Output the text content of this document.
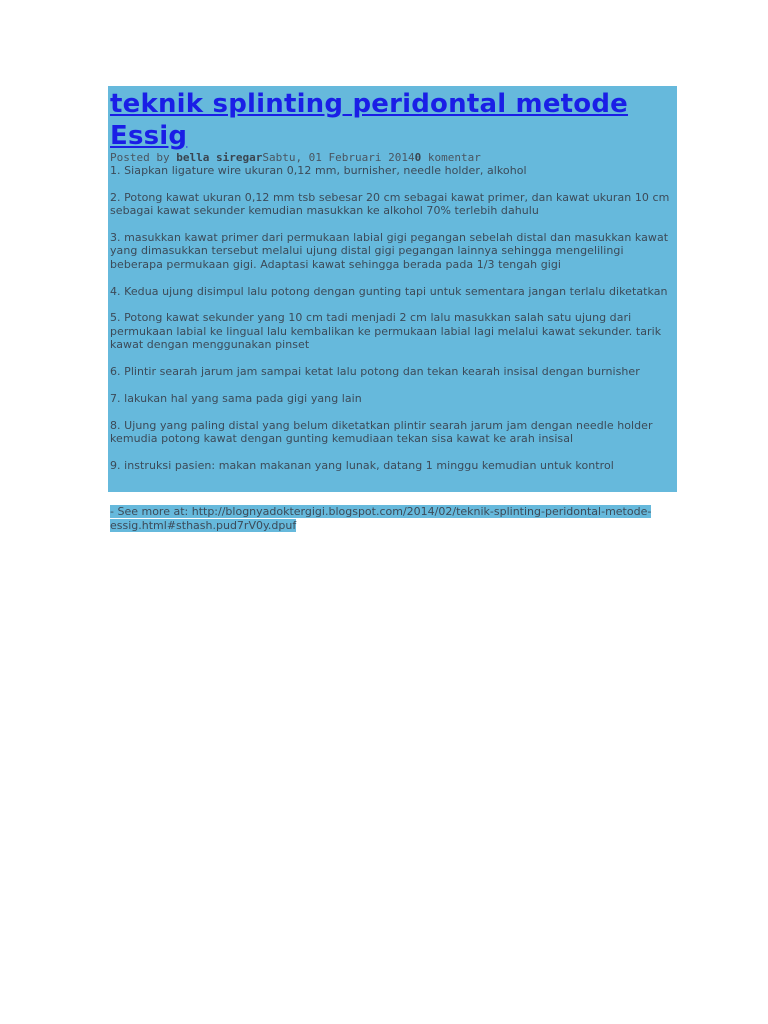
teknik splinting peridontal metode Essig
Posted by bella siregarSabtu, 01 Februari 20140 komentar

1. Siapkan ligature wire ukuran 0,12 mm, burnisher, needle holder, alkohol

2. Potong kawat ukuran 0,12 mm tsb sebesar 20 cm sebagai kawat primer, dan kawat ukuran 10 cm sebagai kawat sekunder kemudian masukkan ke alkohol 70% terlebih dahulu

3. masukkan kawat primer dari permukaan labial gigi pegangan sebelah distal dan masukkan kawat yang dimasukkan tersebut melalui ujung distal gigi pegangan lainnya sehingga mengelilingi beberapa permukaan gigi. Adaptasi kawat sehingga berada pada 1/3 tengah gigi

4. Kedua ujung disimpul lalu potong dengan gunting tapi untuk sementara jangan terlalu diketatkan

5. Potong kawat sekunder yang 10 cm tadi menjadi 2 cm lalu masukkan salah satu ujung dari permukaan labial ke lingual lalu kembalikan ke permukaan labial lagi melalui kawat sekunder. tarik kawat dengan menggunakan pinset

6. Plintir searah jarum jam sampai ketat lalu potong dan tekan kearah insisal dengan burnisher

7. lakukan hal yang sama pada gigi yang lain

8. Ujung yang paling distal yang belum diketatkan plintir searah jarum jam dengan needle holder kemudia potong kawat dengan gunting kemudiaan tekan sisa kawat ke arah insisal

9. instruksi pasien: makan makanan yang lunak, datang 1 minggu kemudian untuk kontrol

- See more at: http://blognyadoktergigi.blogspot.com/2014/02/teknik-splinting-peridontal-metode-essig.html#sthash.pud7rV0y.dpuf
